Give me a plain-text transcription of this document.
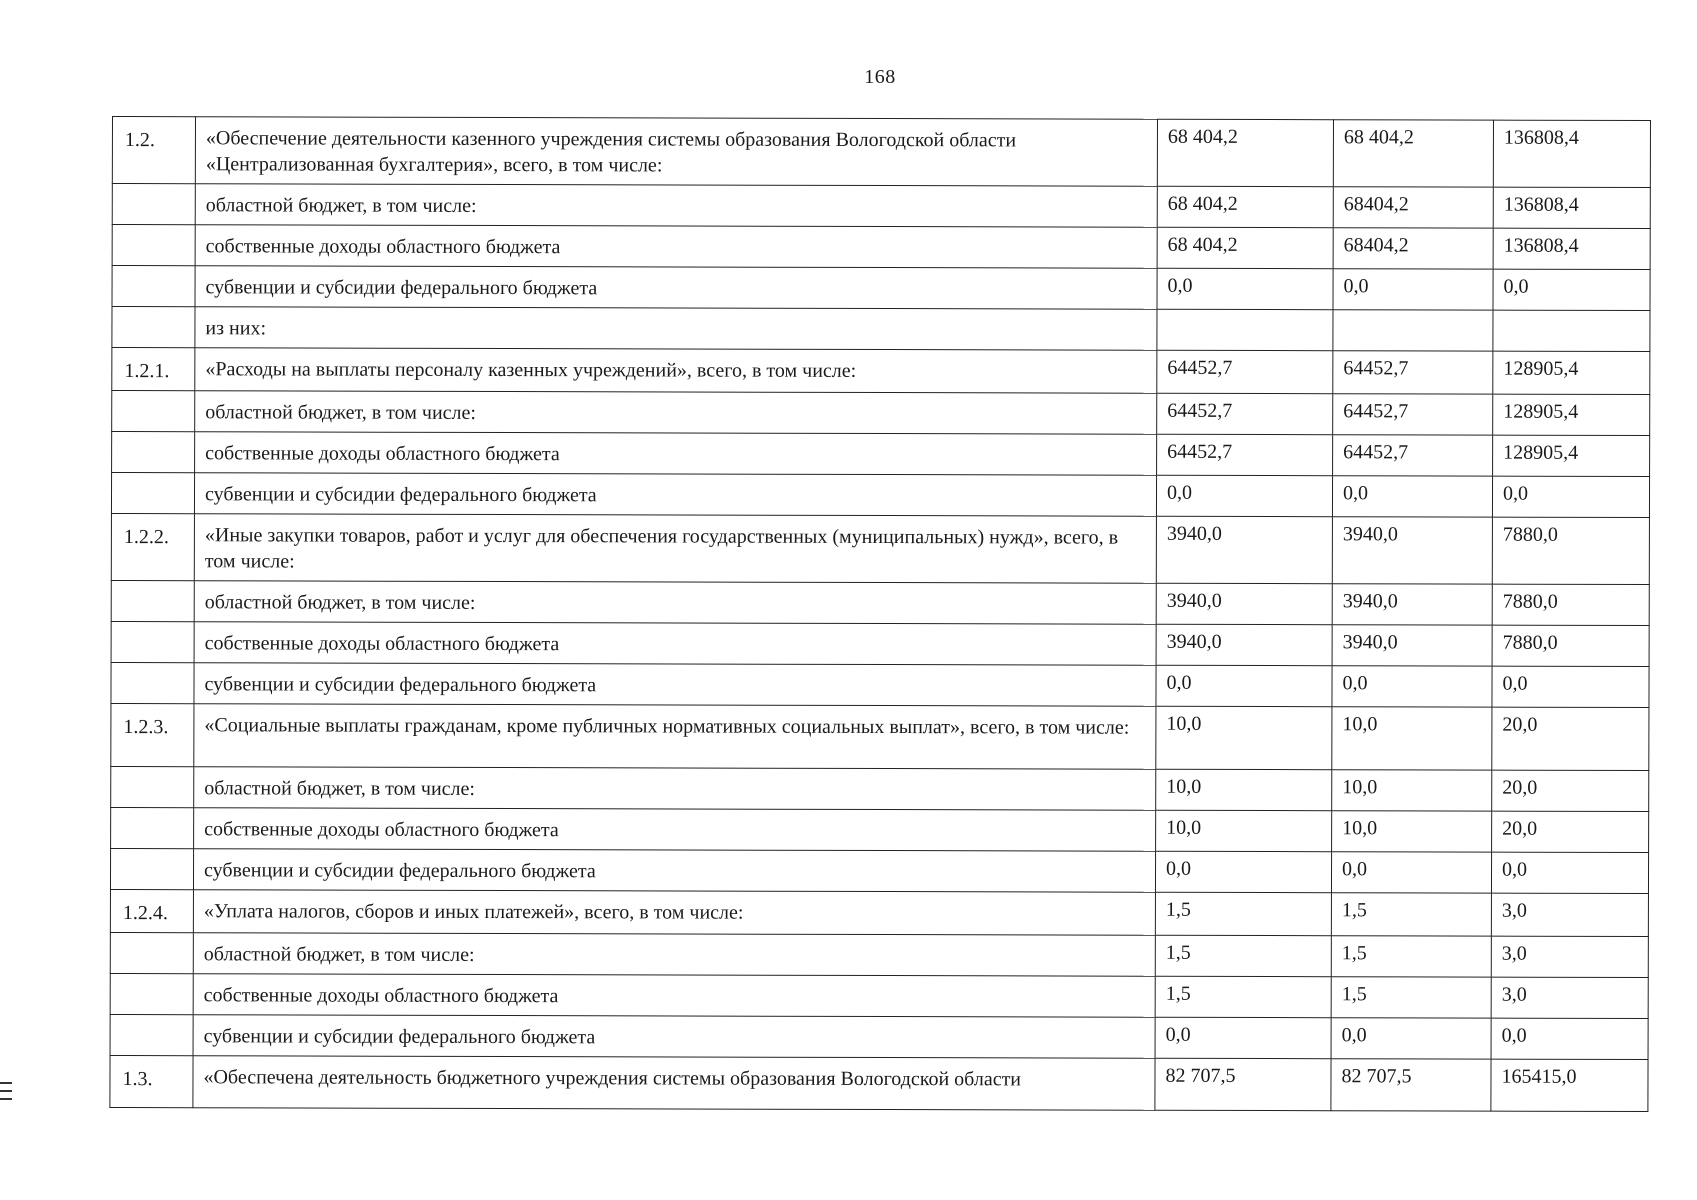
168
1.2.	«Обеспечение деятельности казенного учреждения системы образования Вологодской области «Централизованная бухгалтерия», всего, в том числе:	68 404,2	68 404,2	136808,4
	областной бюджет, в том числе:	68 404,2	68404,2	136808,4
	собственные доходы областного бюджета	68 404,2	68404,2	136808,4
	субвенции и субсидии федерального бюджета	0,0	0,0	0,0
	из них:			
1.2.1.	«Расходы на выплаты персоналу казенных учреждений», всего, в том числе:	64452,7	64452,7	128905,4
	областной бюджет, в том числе:	64452,7	64452,7	128905,4
	собственные доходы областного бюджета	64452,7	64452,7	128905,4
	субвенции и субсидии федерального бюджета	0,0	0,0	0,0
1.2.2.	«Иные закупки товаров, работ и услуг для обеспечения государственных (муниципальных) нужд», всего, в том числе:	3940,0	3940,0	7880,0
	областной бюджет, в том числе:	3940,0	3940,0	7880,0
	собственные доходы областного бюджета	3940,0	3940,0	7880,0
	субвенции и субсидии федерального бюджета	0,0	0,0	0,0
1.2.3.	«Социальные выплаты гражданам, кроме публичных нормативных социальных выплат», всего, в том числе:	10,0	10,0	20,0
	областной бюджет, в том числе:	10,0	10,0	20,0
	собственные доходы областного бюджета	10,0	10,0	20,0
	субвенции и субсидии федерального бюджета	0,0	0,0	0,0
1.2.4.	«Уплата налогов, сборов и иных платежей», всего, в том числе:	1,5	1,5	3,0
	областной бюджет, в том числе:	1,5	1,5	3,0
	собственные доходы областного бюджета	1,5	1,5	3,0
	субвенции и субсидии федерального бюджета	0,0	0,0	0,0
1.3.	«Обеспечена деятельность бюджетного учреждения системы образования Вологодской области	82 707,5	82 707,5	165415,0
